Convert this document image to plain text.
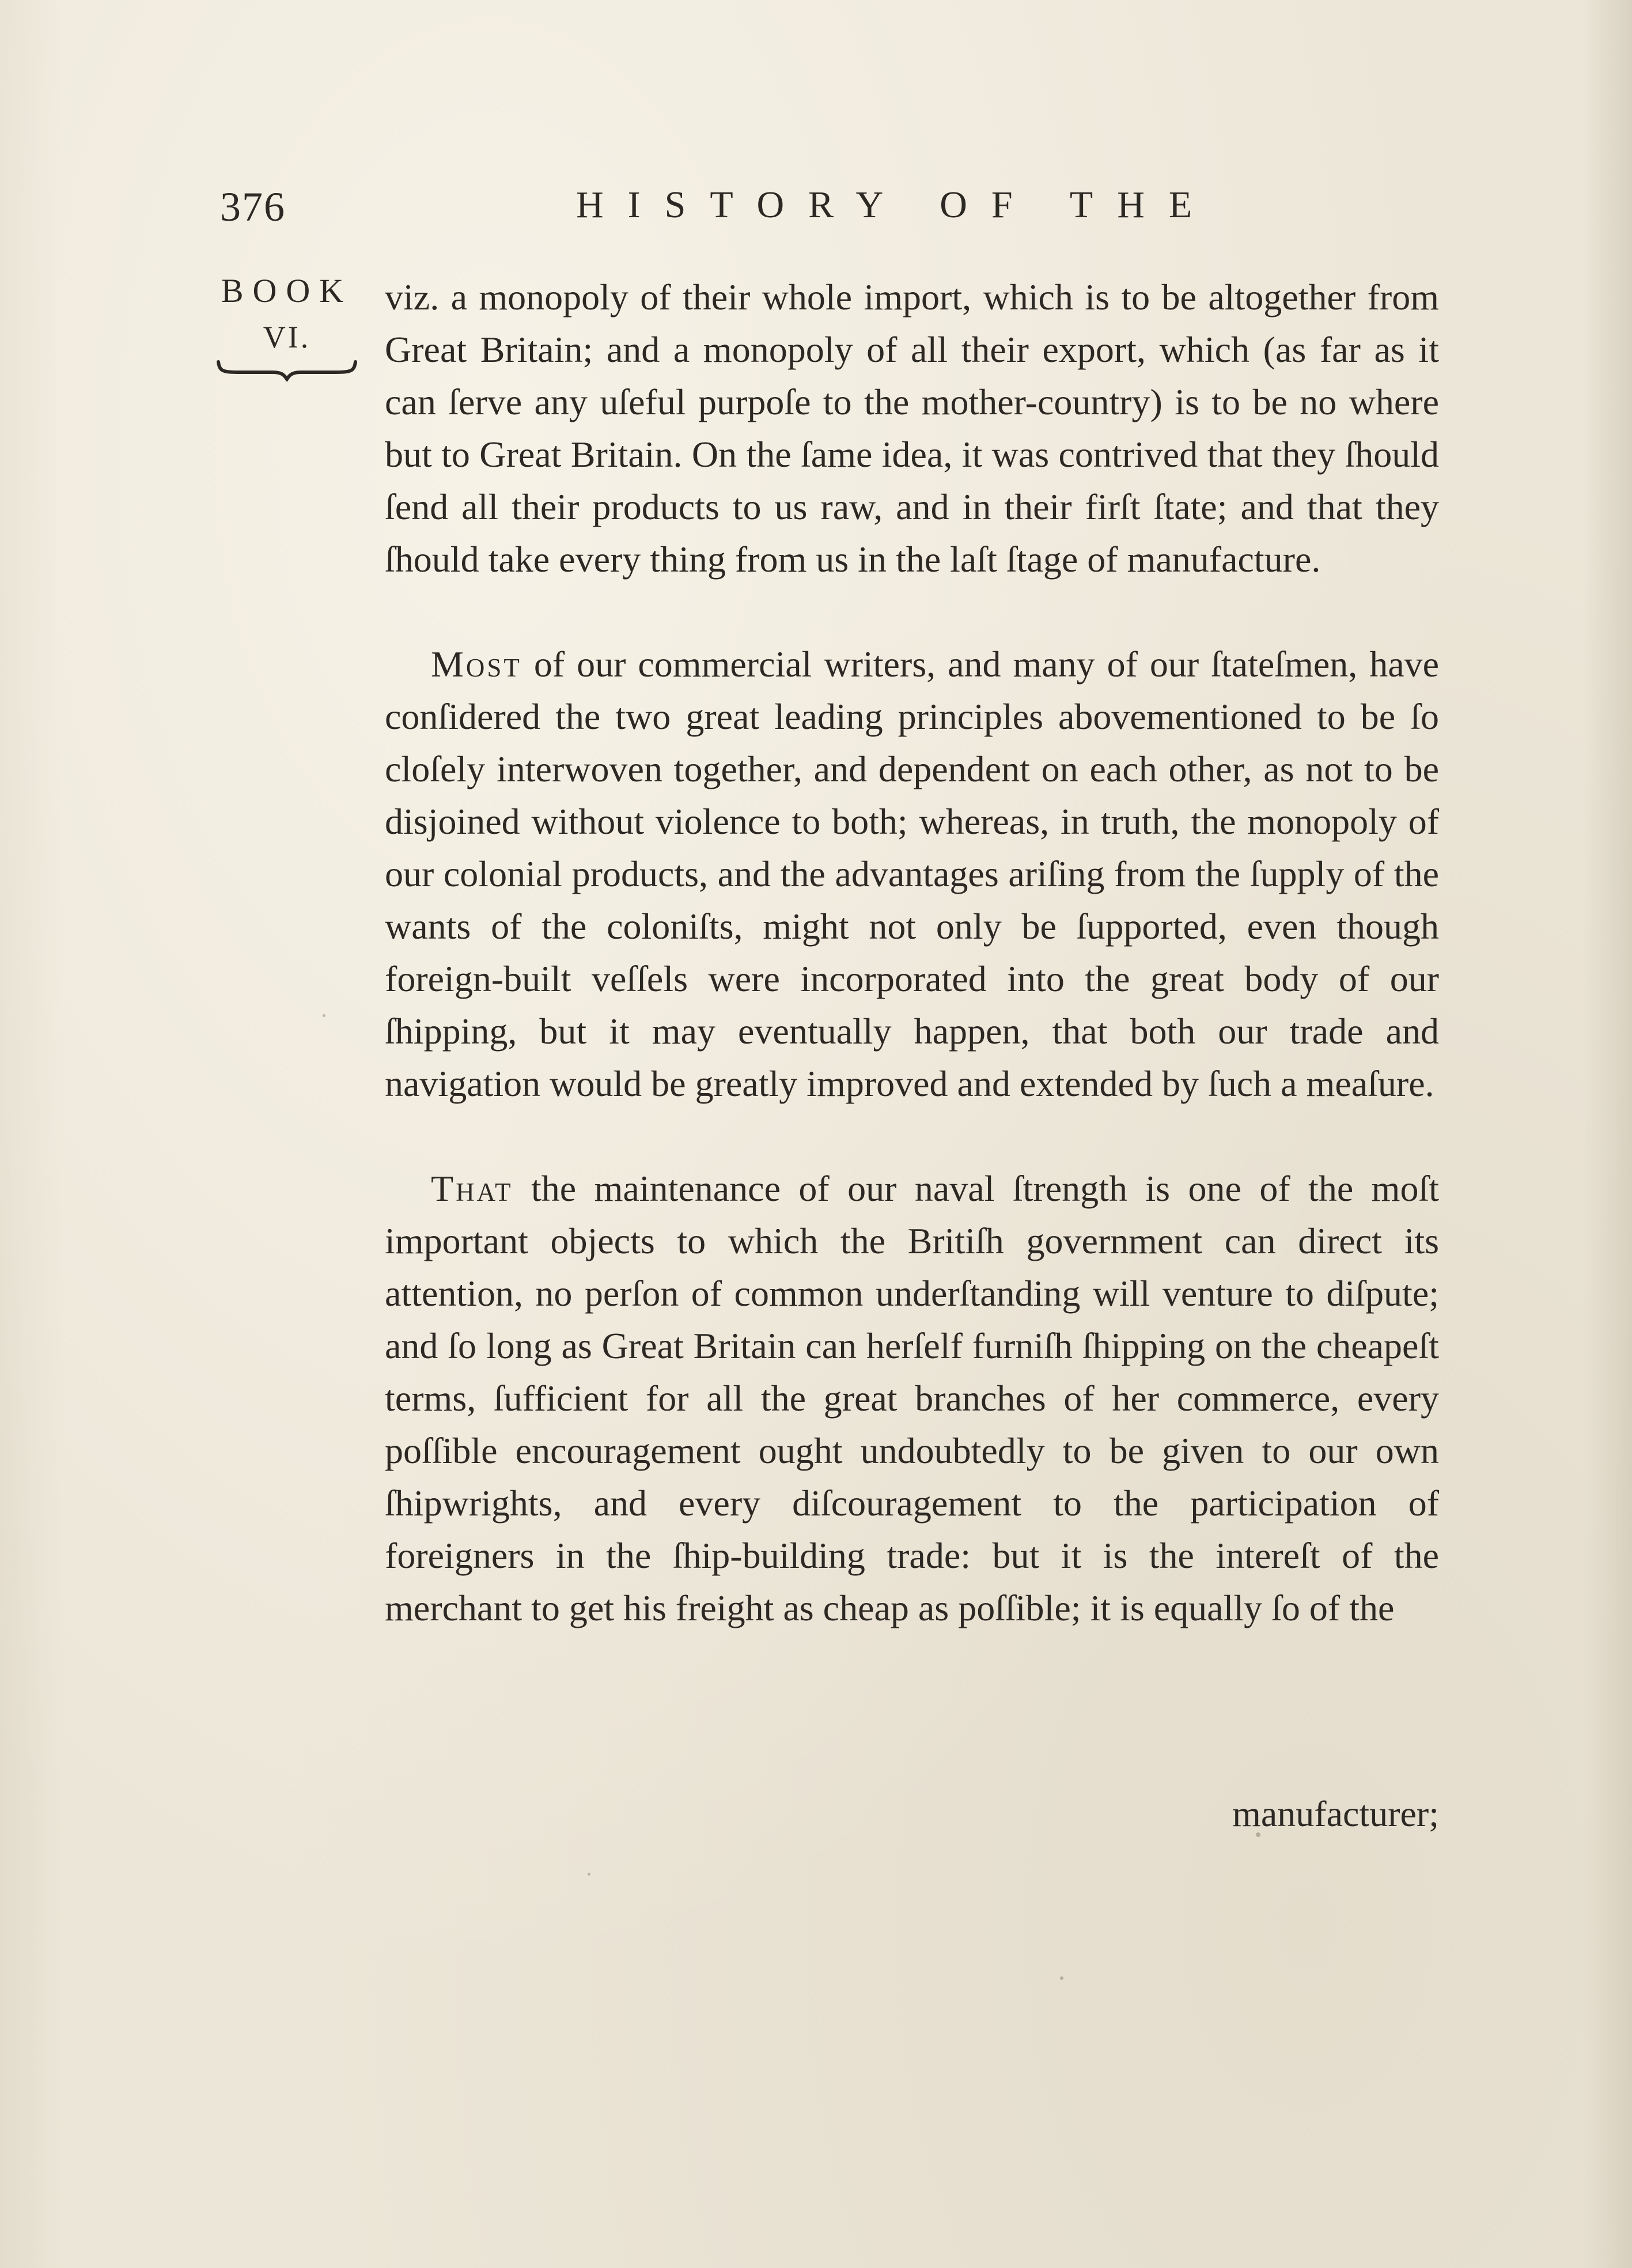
376	HISTORY OF THE
BOOK
VI.

viz. a monopoly of their whole import, which is to be altogether from Great Britain; and a monopoly of all their export, which (as far as it can ſerve any uſeful purpoſe to the mother-country) is to be no where but to Great Britain. On the ſame idea, it was contrived that they ſhould ſend all their products to us raw, and in their firſt ſtate; and that they ſhould take every thing from us in the laſt ſtage of manufacture.

Most of our commercial writers, and many of our ſtateſmen, have conſidered the two great leading principles abovementioned to be ſo cloſely interwoven together, and dependent on each other, as not to be disjoined without violence to both; whereas, in truth, the monopoly of our colonial products, and the advantages ariſing from the ſupply of the wants of the coloniſts, might not only be ſupported, even though foreign-built veſſels were incorporated into the great body of our ſhipping, but it may eventually happen, that both our trade and navigation would be greatly improved and extended by ſuch a meaſure.

That the maintenance of our naval ſtrength is one of the moſt important objects to which the Britiſh government can direct its attention, no perſon of common underſtanding will venture to diſpute; and ſo long as Great Britain can herſelf furniſh ſhipping on the cheapeſt terms, ſufficient for all the great branches of her commerce, every poſſible encouragement ought undoubtedly to be given to our own ſhipwrights, and every diſcouragement to the participation of foreigners in the ſhip-building trade: but it is the intereſt of the merchant to get his freight as cheap as poſſible; it is equally ſo of the

manufacturer;
